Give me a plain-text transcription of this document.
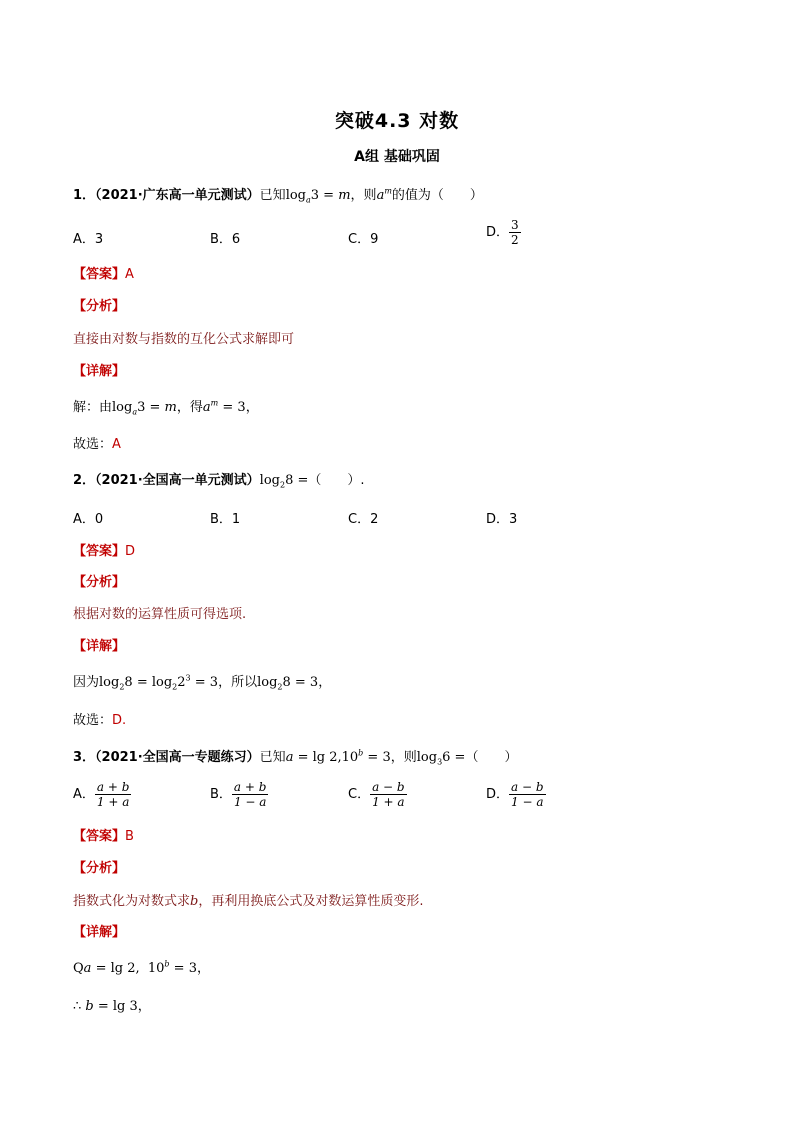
突破4.3 对数
A组 基础巩固
1．（2021·广东高一单元测试）已知$\log_a3 = m$，则$a^m$的值为（　　）
A．3	B．6	C．9	D． $\frac{3}{2}$
【答案】A
【分析】
直接由对数与指数的互化公式求解即可
【详解】
解：由$\log_a3 = m$，得$a^m = 3$，
故选：A
2．（2021·全国高一单元测试）$\log_28$ =（　　）.
A．0	B．1	C．2	D．3
【答案】D
【分析】
根据对数的运算性质可得选项.
【详解】
因为$\log_28 = \log_22^3 = 3$，所以$\log_28 = 3$，
故选：D.
3．（2021·全国高一专题练习）已知a = lg 2,10$^b$ = 3，则$\log_36$ =（　　）
A． $\frac{a + b}{1 + a}$	B． $\frac{a + b}{1 - a}$	C． $\frac{a - b}{1 + a}$	D． $\frac{a - b}{1 - a}$
【答案】B
【分析】
指数式化为对数式求b，再利用换底公式及对数运算性质变形.
【详解】
Qa = lg 2,  $10^b = 3$，
∴ b = lg 3，
